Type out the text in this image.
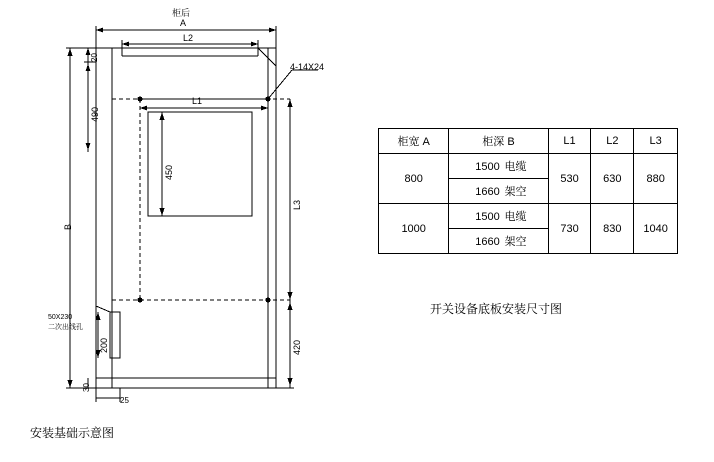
柜后
A
L2
L1
20
490
B
450
L3
420
200
30
25
4-14X24
50X230
二次出线孔
柜宽 A	柜深 B	L1	L2	L3
800	1500 电缆	530	630	880
	1660 架空			
1000	1500 电缆	730	830	1040
	1660 架空			
开关设备底板安装尺寸图
安装基础示意图
